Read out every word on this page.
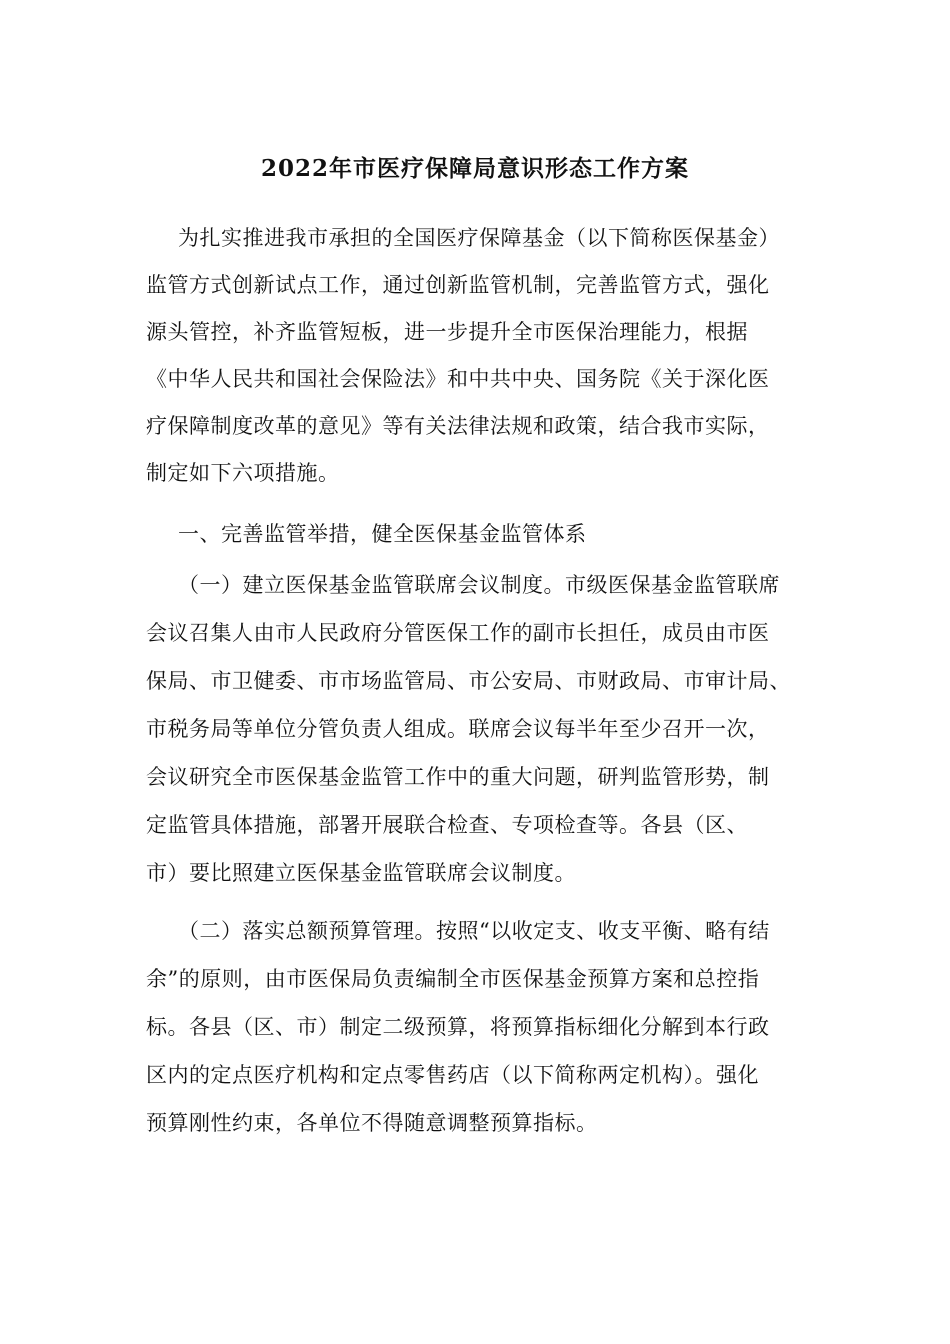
2022年市医疗保障局意识形态工作方案
为扎实推进我市承担的全国医疗保障基金（以下简称医保基金）
监管方式创新试点工作，通过创新监管机制，完善监管方式，强化
源头管控，补齐监管短板，进一步提升全市医保治理能力，根据
《中华人民共和国社会保险法》和中共中央、国务院《关于深化医
疗保障制度改革的意见》等有关法律法规和政策，结合我市实际，
制定如下六项措施。
一、完善监管举措，健全医保基金监管体系
（一）建立医保基金监管联席会议制度。市级医保基金监管联席
会议召集人由市人民政府分管医保工作的副市长担任，成员由市医
保局、市卫健委、市市场监管局、市公安局、市财政局、市审计局、
市税务局等单位分管负责人组成。联席会议每半年至少召开一次，
会议研究全市医保基金监管工作中的重大问题，研判监管形势，制
定监管具体措施，部署开展联合检查、专项检查等。各县（区、
市）要比照建立医保基金监管联席会议制度。
（二）落实总额预算管理。按照“以收定支、收支平衡、略有结
余”的原则，由市医保局负责编制全市医保基金预算方案和总控指
标。各县（区、市）制定二级预算，将预算指标细化分解到本行政
区内的定点医疗机构和定点零售药店（以下简称两定机构）。强化
预算刚性约束，各单位不得随意调整预算指标。
